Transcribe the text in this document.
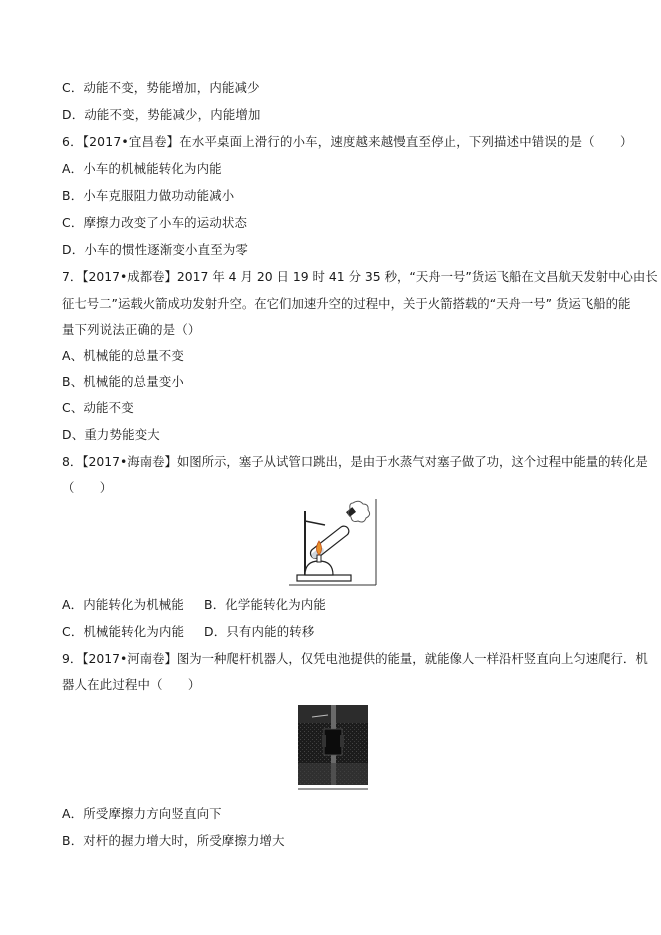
C．动能不变，势能增加，内能减少
D．动能不变，势能减少，内能增加
6．【2017•宜昌卷】在水平桌面上滑行的小车，速度越来越慢直至停止，下列描述中错误的是（　　）
A．小车的机械能转化为内能
B．小车克服阻力做功动能减小
C．摩擦力改变了小车的运动状态
D．小车的惯性逐渐变小直至为零
7．【2017•成都卷】2017 年 4 月 20 日 19 时 41 分 35 秒，“天舟一号”货运飞船在文昌航天发射中心由长
征七号二”运载火箭成功发射升空。在它们加速升空的过程中，关于火箭搭载的“天舟一号” 货运飞船的能
量下列说法正确的是（）
A、机械能的总量不变
B、机械能的总量变小
C、动能不变
D、重力势能变大
8．【2017•海南卷】如图所示，塞子从试管口跳出，是由于水蒸气对塞子做了功，这个过程中能量的转化是
（　　）
A．内能转化为机械能 B．化学能转化为内能
C．机械能转化为内能 D．只有内能的转移
9．【2017•河南卷】图为一种爬杆机器人，仅凭电池提供的能量，就能像人一样沿杆竖直向上匀速爬行．机
器人在此过程中（　　）
A．所受摩擦力方向竖直向下
B．对杆的握力增大时，所受摩擦力增大
